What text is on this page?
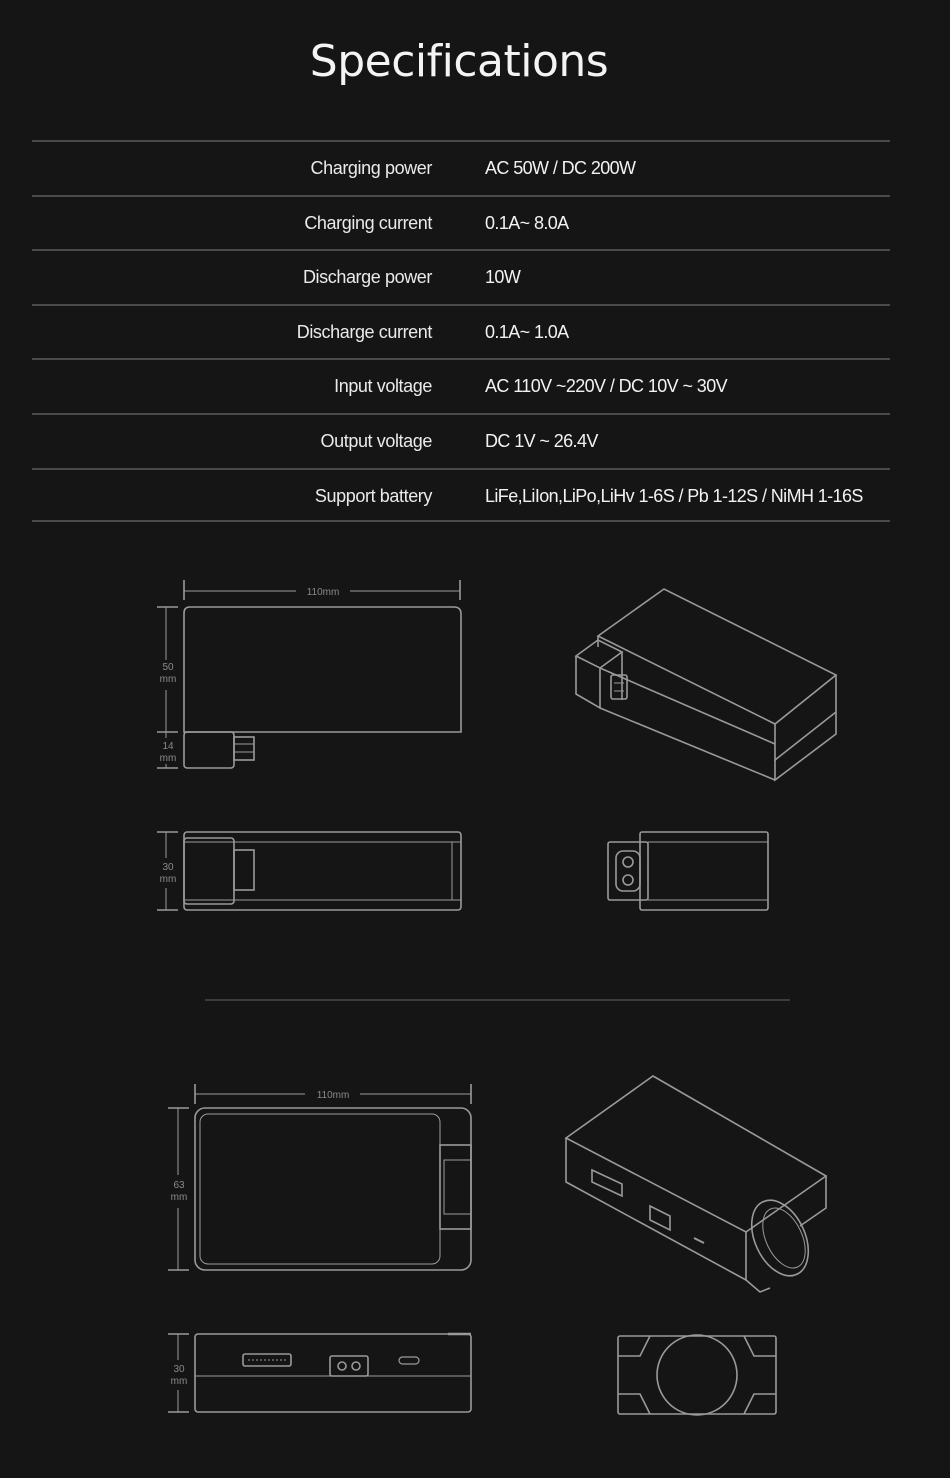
Specifications
Charging power	AC 50W / DC 200W
Charging current	0.1A~ 8.0A
Discharge power	10W
Discharge current	0.1A~ 1.0A
Input voltage	AC 110V ~220V / DC 10V ~ 30V
Output voltage	DC 1V ~ 26.4V
Support battery	LiFe,LiIon,LiPo,LiHv 1-6S / Pb 1-12S / NiMH 1-16S
110mm
50
mm
14
mm
30
mm
110mm
63
mm
30
mm
